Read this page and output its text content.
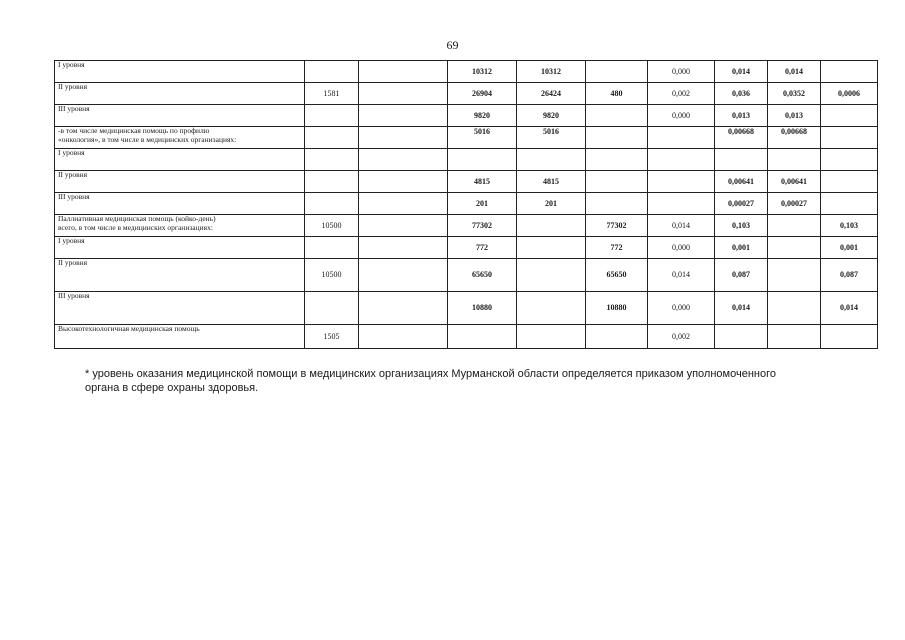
69
I уровня			10312	10312		0,000	0,014	0,014	

II уровня	1581		26904	26424	480	0,002	0,036	0,0352	0,0006

III уровня			9820	9820		0,000	0,013	0,013	

-в том числе медицинская помощь по профилю
«онкология», в том числе в медицинских организациях:			5016	5016			0,00668	0,00668	

I уровня									

II уровня			4815	4815			0,00641	0,00641	

III уровня			201	201			0,00027	0,00027	

Паллиативная медицинская помощь (койко-день)
всего, в том числе в медицинских организациях:	10500		77302		77302	0,014	0,103		0,103

I уровня			772		772	0,000	0,001		0,001

II уровня	10500		65650		65650	0,014	0,087		0,087

III уровня			10880		10880	0,000	0,014		0,014

Высокотехнологичная медицинская помощь	1505					0,002			
* уровень оказания медицинской помощи в медицинских организациях Мурманской области определяется приказом уполномоченного
органа в сфере охраны здоровья.
